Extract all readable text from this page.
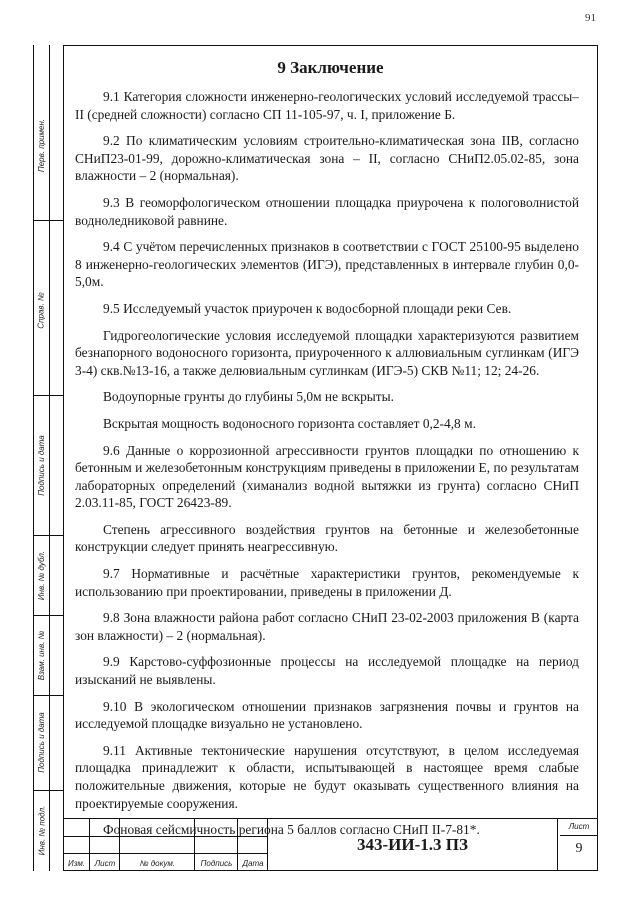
91
Перв. примен.
Справ. №
Подпись и дата
Инв. № дубл.
Взам. инв. №
Подпись и дата
Инв. № подл.
9 Заключение

9.1 Категория сложности инженерно-геологических условий исследуемой трассы– II (средней сложности) согласно СП 11-105-97, ч. I, приложение Б.

9.2 По климатическим условиям строительно-климатическая зона IIВ, согласно СНиП23-01-99, дорожно-климатическая зона – II, согласно СНиП2.05.02-85, зона влажности – 2 (нормальная).

9.3 В геоморфологическом отношении площадка приурочена к пологоволнистой водноледниковой равнине.

9.4 С учётом перечисленных признаков в соответствии с ГОСТ 25100-95 выделено 8 инженерно-геологических элементов (ИГЭ), представленных в интервале глубин 0,0-5,0м.

9.5 Исследуемый участок приурочен к водосборной площади реки Сев.

Гидрогеологические условия исследуемой площадки характеризуются развитием безнапорного водоносного горизонта, приуроченного к аллювиальным суглинкам (ИГЭ 3-4) скв.№13-16, а также делювиальным суглинкам (ИГЭ-5) СКВ №11; 12; 24-26.

Водоупорные грунты до глубины 5,0м не вскрыты.

Вскрытая мощность водоносного горизонта составляет 0,2-4,8 м.

9.6 Данные о коррозионной агрессивности грунтов площадки по отношению к бетонным и железобетонным конструкциям приведены в приложении Е, по результатам лабораторных определений (химанализ водной вытяжки из грунта) согласно СНиП 2.03.11-85, ГОСТ 26423-89.

Степень агрессивного воздействия грунтов на бетонные и железобетонные конструкции следует принять неагрессивную.

9.7 Нормативные и расчётные характеристики грунтов, рекомендуемые к использованию при проектировании, приведены в приложении Д.

9.8 Зона влажности района работ согласно СНиП 23-02-2003 приложения В (карта зон влажности) – 2 (нормальная).

9.9 Карстово-суффозионные процессы на исследуемой площадке на период изысканий не выявлены.

9.10 В экологическом отношении признаков загрязнения почвы и грунтов на исследуемой площадке визуально не установлено.

9.11 Активные тектонические нарушения отсутствуют, в целом исследуемая площадка принадлежит к области, испытывающей в настоящее время слабые положительные движения, которые не будут оказывать существенного влияния на проектируемые сооружения.

Фоновая сейсмичность региона 5 баллов согласно СНиП II-7-81*.

Изм.	Лист	№ докум.	Подпись	Дата
343-ИИ-1.3 ПЗ
Лист
9
